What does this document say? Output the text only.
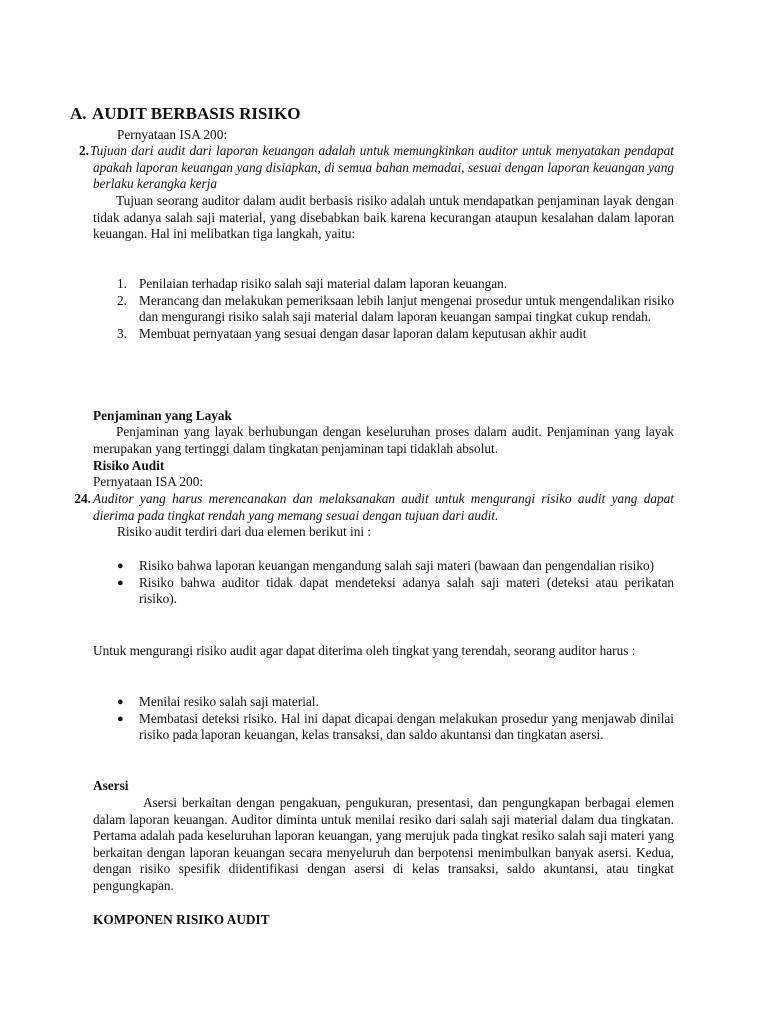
A. AUDIT BERBASIS RISIKO
Pernyataan ISA 200:
2. Tujuan dari audit dari laporan keuangan adalah untuk memungkinkan auditor untuk menyatakan pendapat apakah laporan keuangan yang disiapkan, di semua bahan memadai, sesuai dengan laporan keuangan yang berlaku kerangka kerja
Tujuan seorang auditor dalam audit berbasis risiko adalah untuk mendapatkan penjaminan layak dengan tidak adanya salah saji material, yang disebabkan baik karena kecurangan ataupun kesalahan dalam laporan keuangan. Hal ini melibatkan tiga langkah, yaitu:
1. Penilaian terhadap risiko salah saji material dalam laporan keuangan.
2. Merancang dan melakukan pemeriksaan lebih lanjut mengenai prosedur untuk mengendalikan risiko dan mengurangi risiko salah saji material dalam laporan keuangan sampai tingkat cukup rendah.
3. Membuat pernyataan yang sesuai dengan dasar laporan dalam keputusan akhir audit
Penjaminan yang Layak
Penjaminan yang layak berhubungan dengan keseluruhan proses dalam audit. Penjaminan yang layak merupakan yang tertinggi dalam tingkatan penjaminan tapi tidaklah absolut.
Risiko Audit
Pernyataan ISA 200:
24. Auditor yang harus merencanakan dan melaksanakan audit untuk mengurangi risiko audit yang dapat dierima pada tingkat rendah yang memang sesuai dengan tujuan dari audit.
Risiko audit terdiri dari dua elemen berikut ini :
● Risiko bahwa laporan keuangan mengandung salah saji materi (bawaan dan pengendalian risiko)
● Risiko bahwa auditor tidak dapat mendeteksi adanya salah saji materi (deteksi atau perikatan risiko).
Untuk mengurangi risiko audit agar dapat diterima oleh tingkat yang terendah, seorang auditor harus :
● Menilai resiko salah saji material.
● Membatasi deteksi risiko. Hal ini dapat dicapai dengan melakukan prosedur yang menjawab dinilai risiko pada laporan keuangan, kelas transaksi, dan saldo akuntansi dan tingkatan asersi.
Asersi
Asersi berkaitan dengan pengakuan, pengukuran, presentasi, dan pengungkapan berbagai elemen dalam laporan keuangan. Auditor diminta untuk menilai resiko dari salah saji material dalam dua tingkatan. Pertama adalah pada keseluruhan laporan keuangan, yang merujuk pada tingkat resiko salah saji materi yang berkaitan dengan laporan keuangan secara menyeluruh dan berpotensi menimbulkan banyak asersi. Kedua, dengan risiko spesifik diidentifikasi dengan asersi di kelas transaksi, saldo akuntansi, atau tingkat pengungkapan.
KOMPONEN RISIKO AUDIT
